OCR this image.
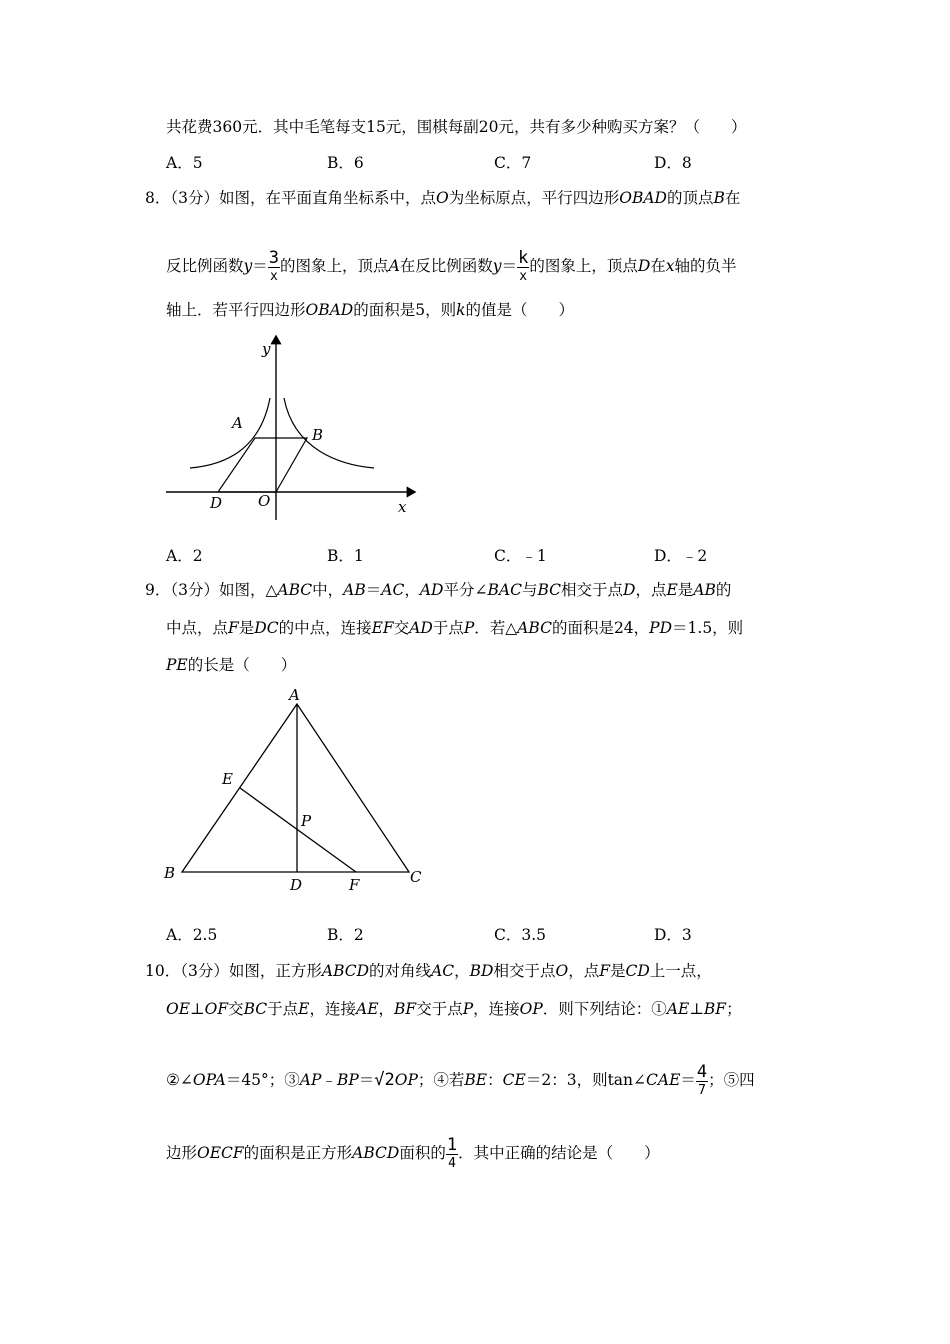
共花费360元．其中毛笔每支15元，围棋每副20元，共有多少种购买方案？（　　）
A．5	B．6	C．7	D．8
8．（3分）如图，在平面直角坐标系中，点O为坐标原点，平行四边形OBAD的顶点B在
反比例函数$y= \frac{3}{x}$ 的图象上，顶点A在反比例函数$y= \frac{k}{x}$ 的图象上，顶点D在x轴的负半
轴上．若平行四边形OBAD的面积是5，则k的值是（　　）
y
A
B
D O	x
A．2	B．1	C．﹣1	D．﹣2
9．（3分）如图，△ABC中，AB＝AC，AD平分∠BAC与BC相交于点D，点E是AB的
中点，点F是DC的中点，连接EF交AD于点P．若△ABC的面积是24，PD＝1.5，则
PE的长是（　　）
A
B	C
D
E
F
P
A．2.5	B．2	C．3.5	D．3
10．（3分）如图，正方形ABCD的对角线AC，BD相交于点O，点F是CD上一点，
OE⊥OF交BC于点E，连接AE，BF交于点P，连接OP．则下列结论：①AE⊥BF；
②∠OPA＝45°；③AP﹣BP＝√2OP；④若BE：CE＝2：3，则tan∠CAE＝ $\frac{4}{7}$ ；⑤四
边形OECF的面积是正方形ABCD面积的 $\frac{1}{4}$ ．其中正确的结论是（　　）
